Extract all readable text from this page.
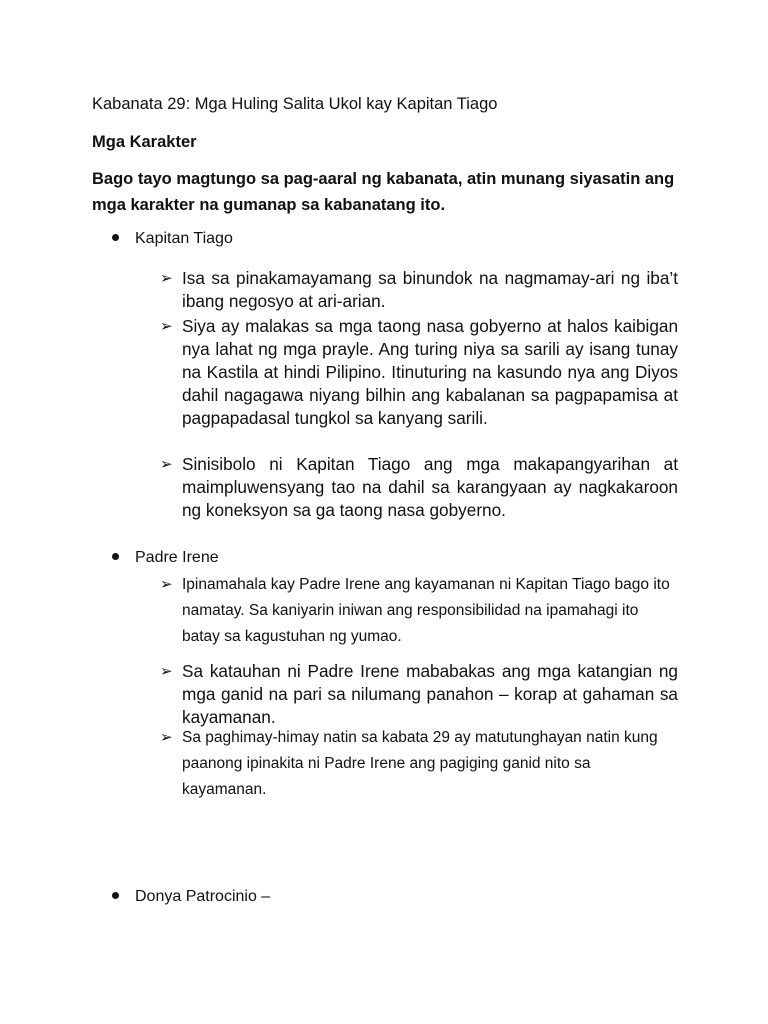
Kabanata 29: Mga Huling Salita Ukol kay Kapitan Tiago
Mga Karakter
Bago tayo magtungo sa pag-aaral ng kabanata, atin munang siyasatin ang mga karakter na gumanap sa kabanatang ito.
Kapitan Tiago
➢ Isa sa pinakamayamang sa binundok na nagmamay-ari ng iba’t ibang negosyo at ari-arian.
➢ Siya ay malakas sa mga taong nasa gobyerno at halos kaibigan nya lahat ng mga prayle. Ang turing niya sa sarili ay isang tunay na Kastila at hindi Pilipino. Itinuturing na kasundo nya ang Diyos dahil nagagawa niyang bilhin ang kabalanan sa pagpapamisa at pagpapadasal tungkol sa kanyang sarili.
➢ Sinisibolo ni Kapitan Tiago ang mga makapangyarihan at maimpluwensyang tao na dahil sa karangyaan ay nagkakaroon ng koneksyon sa ga taong nasa gobyerno.
Padre Irene
➢ Ipinamahala kay Padre Irene ang kayamanan ni Kapitan Tiago bago ito namatay. Sa kaniyarin iniwan ang responsibilidad na ipamahagi ito batay sa kagustuhan ng yumao.
➢ Sa katauhan ni Padre Irene mababakas ang mga katangian ng mga ganid na pari sa nilumang panahon – korap at gahaman sa kayamanan.
➢ Sa paghimay-himay natin sa kabata 29 ay matutunghayan natin kung paanong ipinakita ni Padre Irene ang pagiging ganid nito sa kayamanan.
Donya Patrocinio –
